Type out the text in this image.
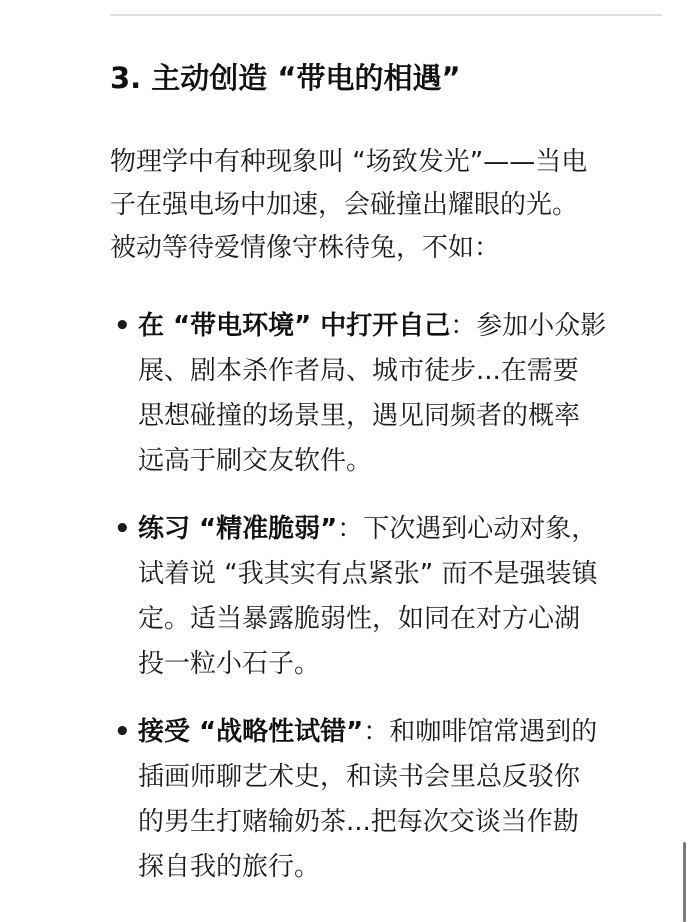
3. 主动创造 “带电的相遇”

物理学中有种现象叫 “场致发光”——当电
子在强电场中加速，会碰撞出耀眼的光。
被动等待爱情像守株待兔，不如：

• 在 “带电环境” 中打开自己：参加小众影
展、剧本杀作者局、城市徒步...在需要
思想碰撞的场景里，遇见同频者的概率
远高于刷交友软件。
• 练习 “精准脆弱”：下次遇到心动对象，
试着说 “我其实有点紧张” 而不是强装镇
定。适当暴露脆弱性，如同在对方心湖
投一粒小石子。
• 接受 “战略性试错”：和咖啡馆常遇到的
插画师聊艺术史，和读书会里总反驳你
的男生打赌输奶茶...把每次交谈当作勘
探自我的旅行。
